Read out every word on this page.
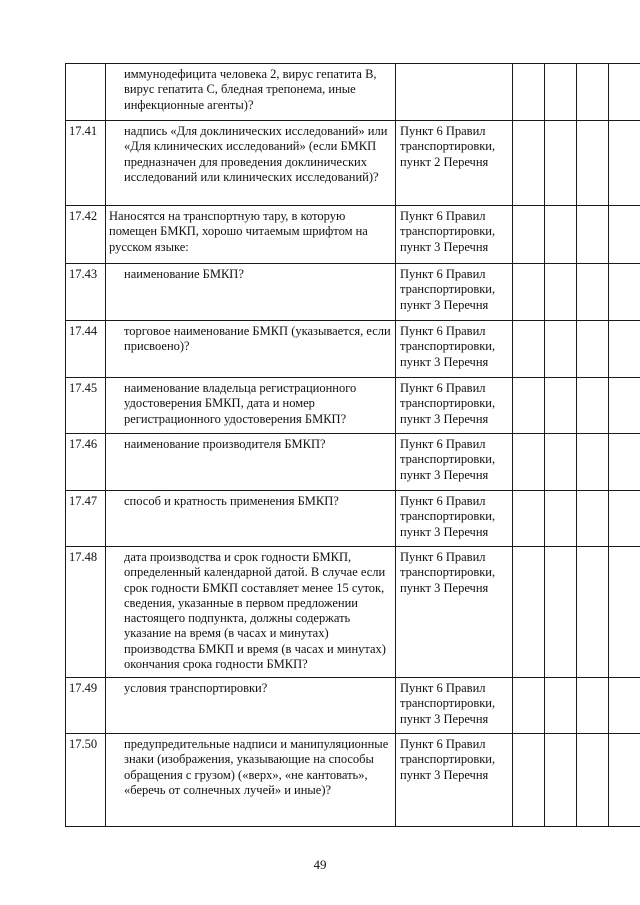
	иммунодефицита человека 2, вирус гепатита В, вирус гепатита С, бледная трепонема, иные инфекционные агенты)?					

17.41	надпись «Для доклинических исследований» или «Для клинических исследований» (если БМКП предназначен для проведения доклинических исследований или клинических исследований)?	Пункт 6 Правил транспортировки, пункт 2 Перечня				
17.42	Наносятся на транспортную тару, в которую помещен БМКП, хорошо читаемым шрифтом на русском языке:	Пункт 6 Правил транспортировки, пункт 3 Перечня				
17.43	наименование БМКП?	Пункт 6 Правил транспортировки, пункт 3 Перечня				
17.44	торговое наименование БМКП (указывается, если присвоено)?	Пункт 6 Правил транспортировки, пункт 3 Перечня				
17.45	наименование владельца регистрационного удостоверения БМКП, дата и номер регистрационного удостоверения БМКП?	Пункт 6 Правил транспортировки, пункт 3 Перечня				
17.46	наименование производителя БМКП?	Пункт 6 Правил транспортировки, пункт 3 Перечня				
17.47	способ и кратность применения БМКП?	Пункт 6 Правил транспортировки, пункт 3 Перечня				
17.48	дата производства и срок годности БМКП, определенный календарной датой. В случае если срок годности БМКП составляет менее 15 суток, сведения, указанные в первом предложении настоящего подпункта, должны содержать указание на время (в часах и минутах) производства БМКП и время (в часах и минутах) окончания срока годности БМКП?	Пункт 6 Правил транспортировки, пункт 3 Перечня				
17.49	условия транспортировки?	Пункт 6 Правил транспортировки, пункт 3 Перечня				
17.50	предупредительные надписи и манипуляционные знаки (изображения, указывающие на способы обращения с грузом) («верх», «не кантовать», «беречь от солнечных лучей» и иные)?	Пункт 6 Правил транспортировки, пункт 3 Перечня				
49
